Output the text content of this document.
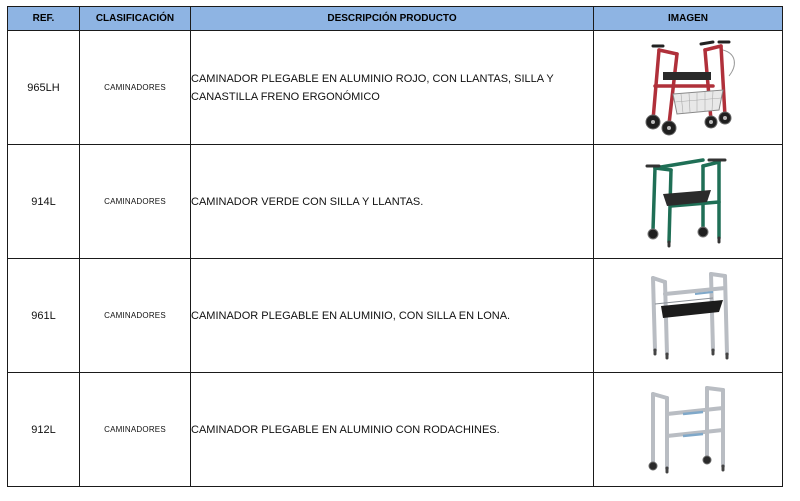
REF.	CLASIFICACIÓN	DESCRIPCIÓN PRODUCTO	IMAGEN
965LH	CAMINADORES	CAMINADOR PLEGABLE EN ALUMINIO ROJO, CON LLANTAS, SILLA Y CANASTILLA FRENO ERGONÓMICO	

914L	CAMINADORES	CAMINADOR VERDE CON SILLA Y LLANTAS.	

961L	CAMINADORES	CAMINADOR PLEGABLE EN ALUMINIO, CON SILLA EN LONA.	

912L	CAMINADORES	CAMINADOR PLEGABLE EN ALUMINIO CON RODACHINES.	
